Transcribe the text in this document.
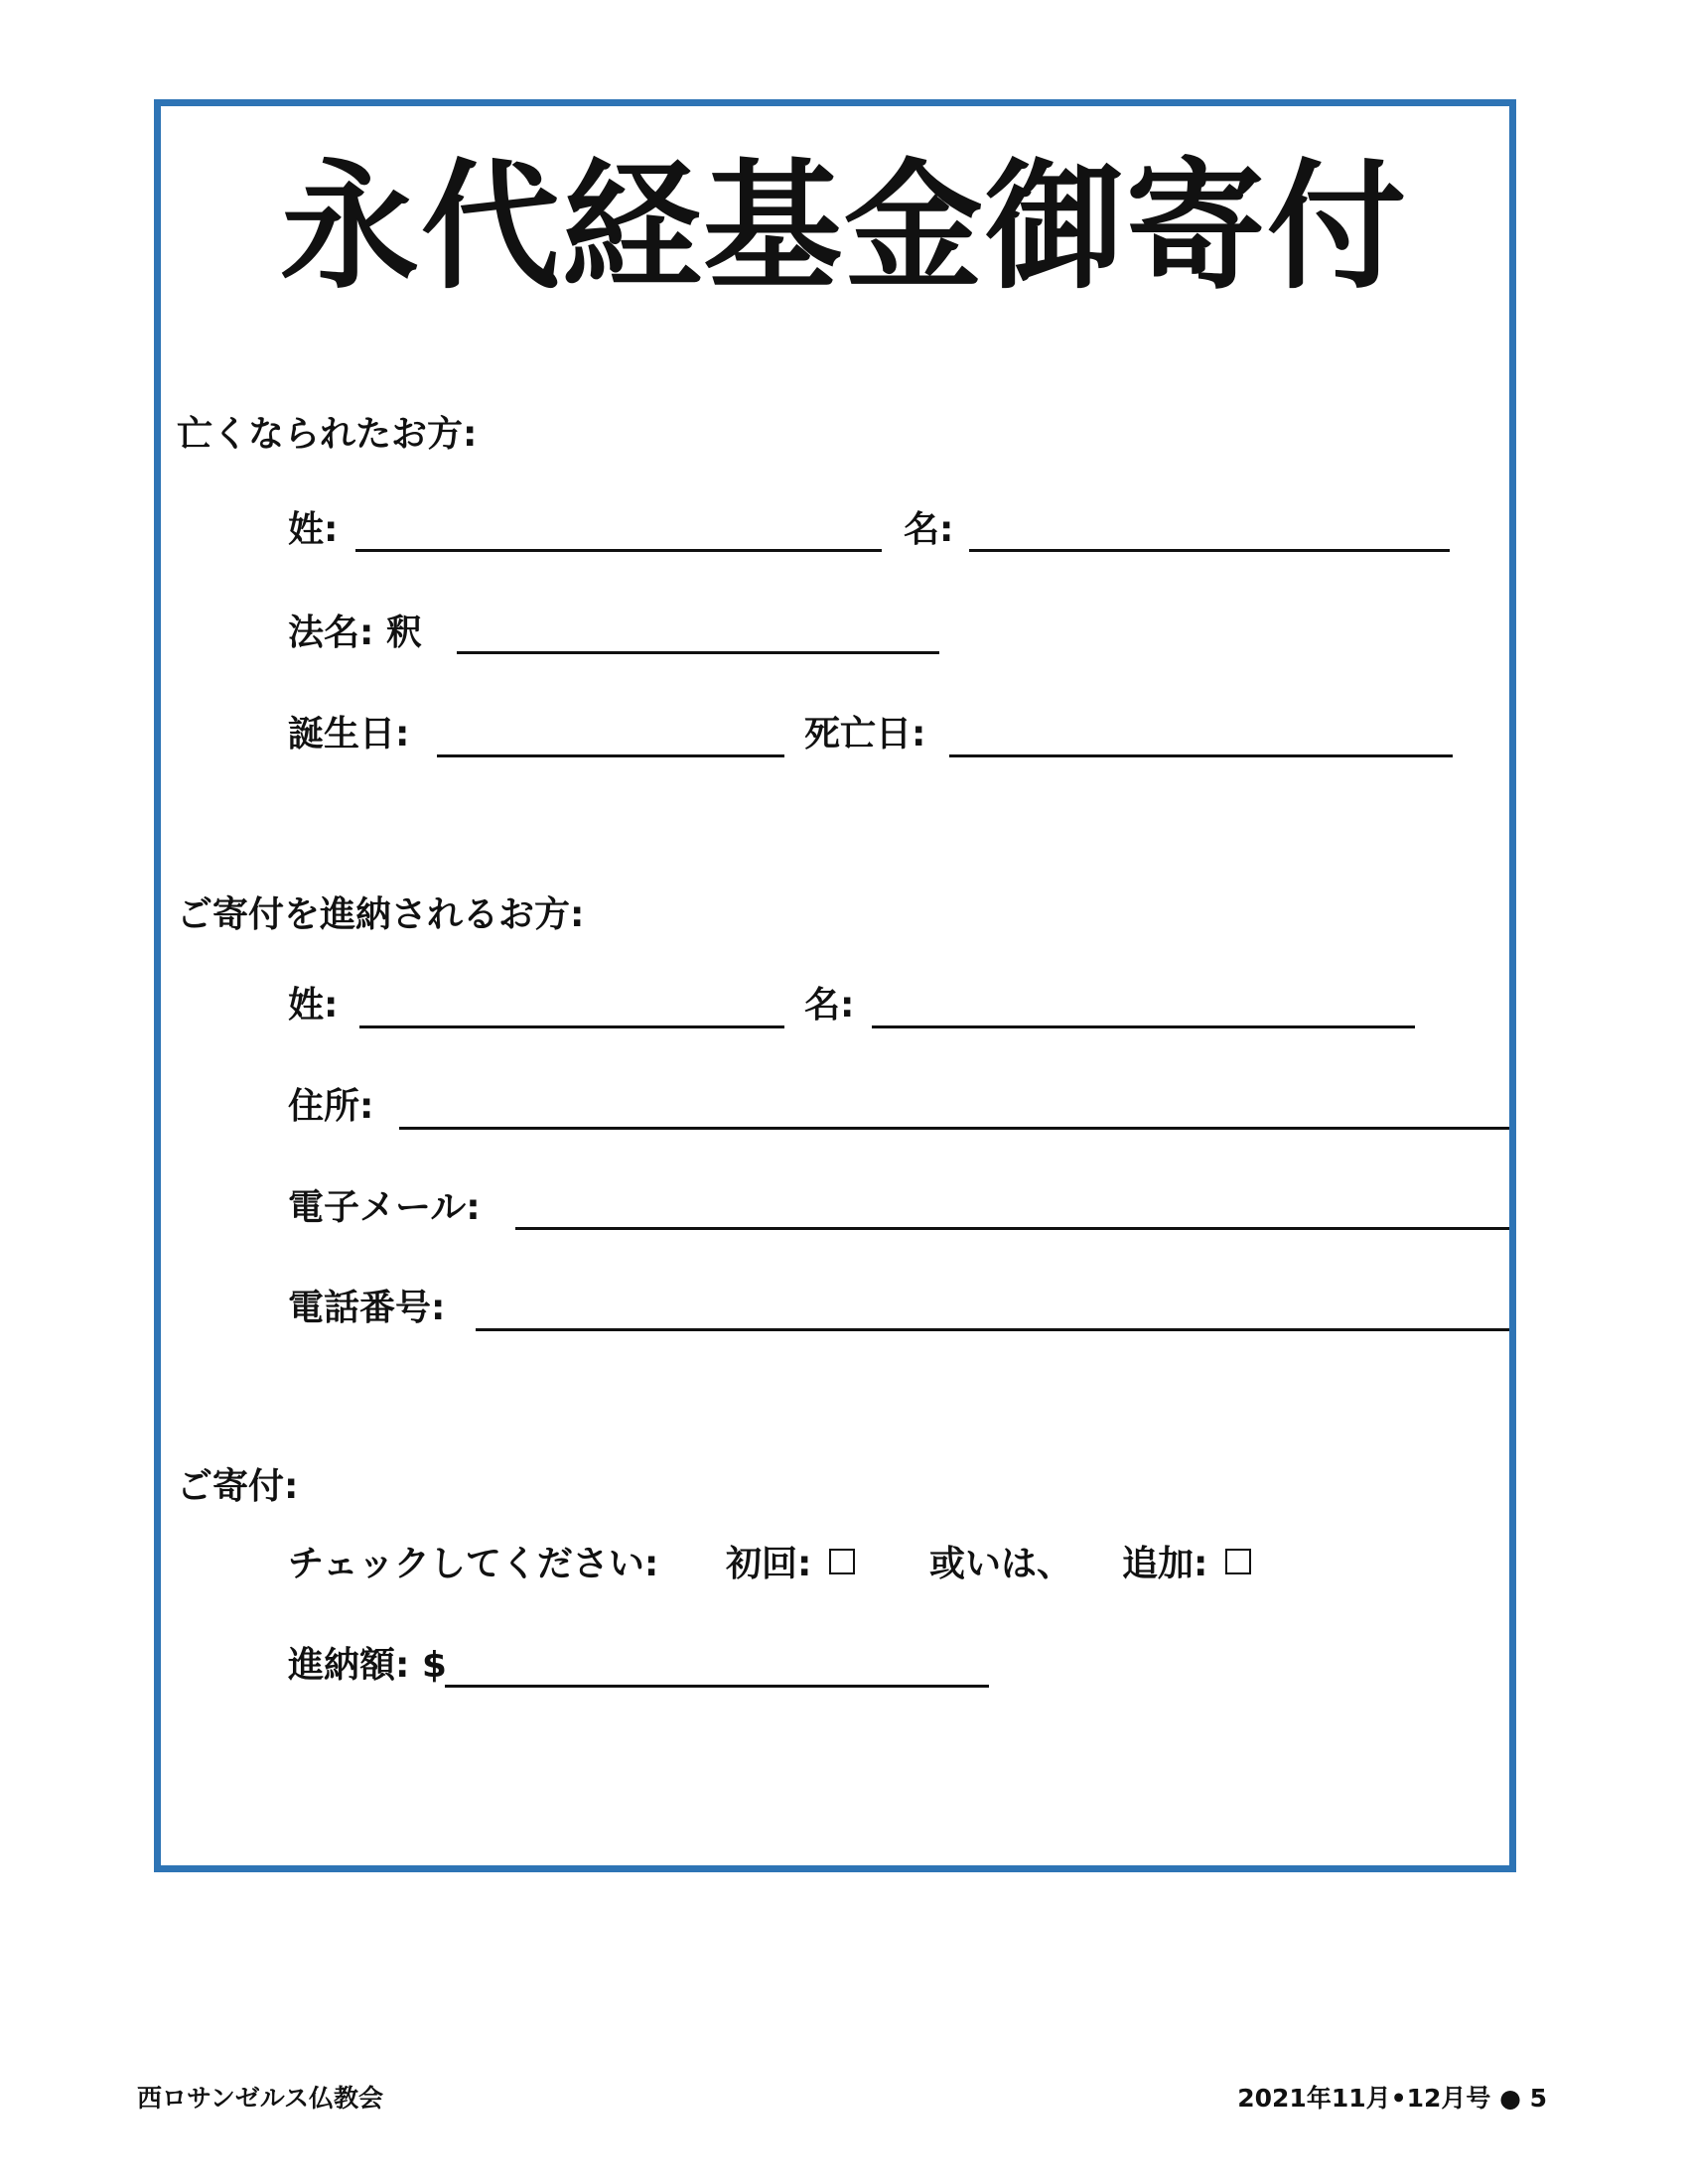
永代経基金御寄付
亡くなられたお方:
姓:	名:
法名: 釈
誕生日:	死亡日:
ご寄付を進納されるお方:
姓:	名:
住所:
電子メール:
電話番号:
ご寄付:
チェックしてください: 初回:	或いは、 追加:
進納額: $
西ロサンゼルス仏教会	2021年11月•12月号 ● 5
